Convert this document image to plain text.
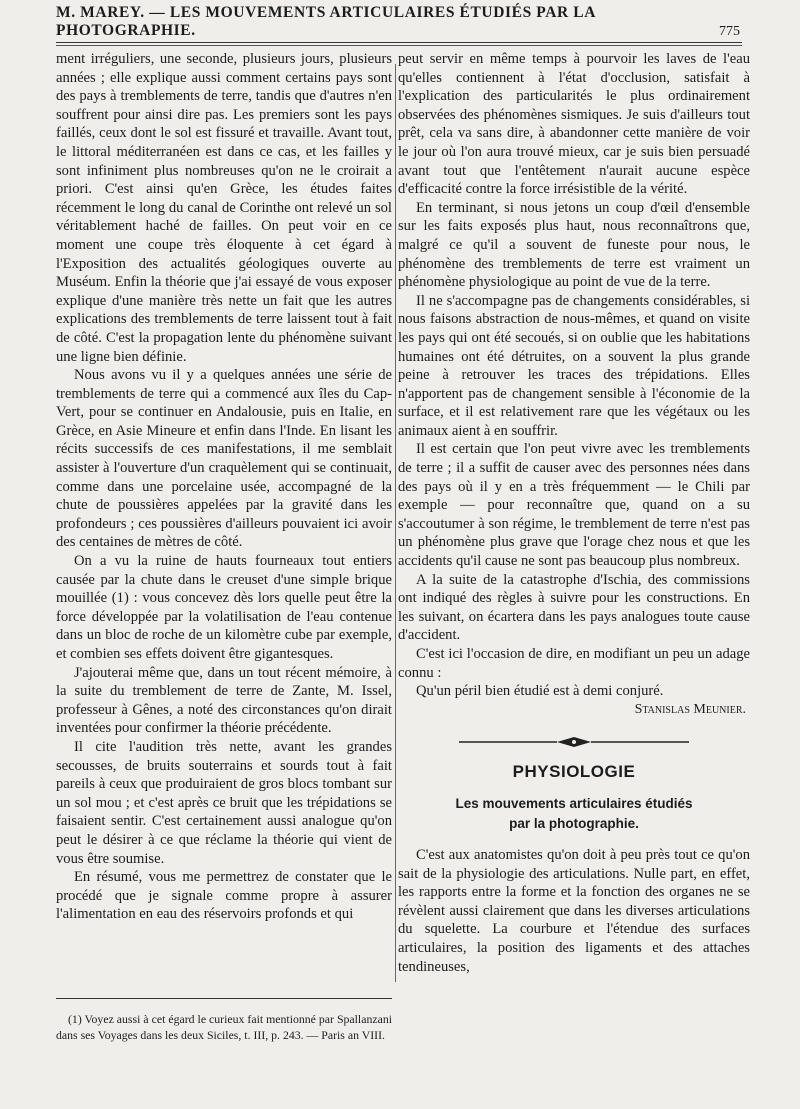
M. MAREY. — LES MOUVEMENTS ARTICULAIRES ÉTUDIÉS PAR LA PHOTOGRAPHIE.	775

ment irréguliers, une seconde, plusieurs jours, plusieurs années ; elle explique aussi comment certains pays sont des pays à tremblements de terre, tandis que d'autres n'en souffrent pour ainsi dire pas. Les premiers sont les pays faillés, ceux dont le sol est fissuré et travaille. Avant tout, le littoral méditerranéen est dans ce cas, et les failles y sont infiniment plus nombreuses qu'on ne le croirait a priori. C'est ainsi qu'en Grèce, les études faites récemment le long du canal de Corinthe ont relevé un sol véritablement haché de failles. On peut voir en ce moment une coupe très éloquente à cet égard à l'Exposition des actualités géologiques ouverte au Muséum. Enfin la théorie que j'ai essayé de vous exposer explique d'une manière très nette un fait que les autres explications des tremblements de terre laissent tout à fait de côté. C'est la propagation lente du phénomène suivant une ligne bien définie.

Nous avons vu il y a quelques années une série de tremblements de terre qui a commencé aux îles du Cap-Vert, pour se continuer en Andalousie, puis en Italie, en Grèce, en Asie Mineure et enfin dans l'Inde. En lisant les récits successifs de ces manifestations, il me semblait assister à l'ouverture d'un craquèlement qui se continuait, comme dans une porcelaine usée, accompagné de la chute de poussières appelées par la gravité dans les profondeurs ; ces poussières d'ailleurs pouvaient ici avoir des centaines de mètres de côté.

On a vu la ruine de hauts fourneaux tout entiers causée par la chute dans le creuset d'une simple brique mouillée (1) : vous concevez dès lors quelle peut être la force développée par la volatilisation de l'eau contenue dans un bloc de roche de un kilomètre cube par exemple, et combien ses effets doivent être gigantesques.

J'ajouterai même que, dans un tout récent mémoire, à la suite du tremblement de terre de Zante, M. Issel, professeur à Gênes, a noté des circonstances qu'on dirait inventées pour confirmer la théorie précédente.

Il cite l'audition très nette, avant les grandes secousses, de bruits souterrains et sourds tout à fait pareils à ceux que produiraient de gros blocs tombant sur un sol mou ; et c'est après ce bruit que les trépidations se faisaient sentir. C'est certainement aussi analogue qu'on peut le désirer à ce que réclame la théorie qui vient de vous être soumise.

En résumé, vous me permettrez de constater que le procédé que je signale comme propre à assurer l'alimentation en eau des réservoirs profonds et qui

(1) Voyez aussi à cet égard le curieux fait mentionné par Spallanzani dans ses Voyages dans les deux Siciles, t. III, p. 243. — Paris an VIII.

peut servir en même temps à pourvoir les laves de l'eau qu'elles contiennent à l'état d'occlusion, satisfait à l'explication des particularités le plus ordinairement observées des phénomènes sismiques. Je suis d'ailleurs tout prêt, cela va sans dire, à abandonner cette manière de voir le jour où l'on aura trouvé mieux, car je suis bien persuadé avant tout que l'entêtement n'aurait aucune espèce d'efficacité contre la force irrésistible de la vérité.

En terminant, si nous jetons un coup d'œil d'ensemble sur les faits exposés plus haut, nous reconnaîtrons que, malgré ce qu'il a souvent de funeste pour nous, le phénomène des tremblements de terre est vraiment un phénomène physiologique au point de vue de la terre.

Il ne s'accompagne pas de changements considérables, si nous faisons abstraction de nous-mêmes, et quand on visite les pays qui ont été secoués, si on oublie que les habitations humaines ont été détruites, on a souvent la plus grande peine à retrouver les traces des trépidations. Elles n'apportent pas de changement sensible à l'économie de la surface, et il est relativement rare que les végétaux ou les animaux aient à en souffrir.

Il est certain que l'on peut vivre avec les tremblements de terre ; il a suffit de causer avec des personnes nées dans des pays où il y en a très fréquemment — le Chili par exemple — pour reconnaître que, quand on a su s'accoutumer à son régime, le tremblement de terre n'est pas un phénomène plus grave que l'orage chez nous et que les accidents qu'il cause ne sont pas beaucoup plus nombreux.

A la suite de la catastrophe d'Ischia, des commissions ont indiqué des règles à suivre pour les constructions. En les suivant, on écartera dans les pays analogues toute cause d'accident.

C'est ici l'occasion de dire, en modifiant un peu un adage connu :

Qu'un péril bien étudié est à demi conjuré.

Stanislas Meunier.
PHYSIOLOGIE
Les mouvements articulaires étudiés
par la photographie.

C'est aux anatomistes qu'on doit à peu près tout ce qu'on sait de la physiologie des articulations. Nulle part, en effet, les rapports entre la forme et la fonction des organes ne se révèlent aussi clairement que dans les diverses articulations du squelette. La courbure et l'étendue des surfaces articulaires, la position des ligaments et des attaches tendineuses,
